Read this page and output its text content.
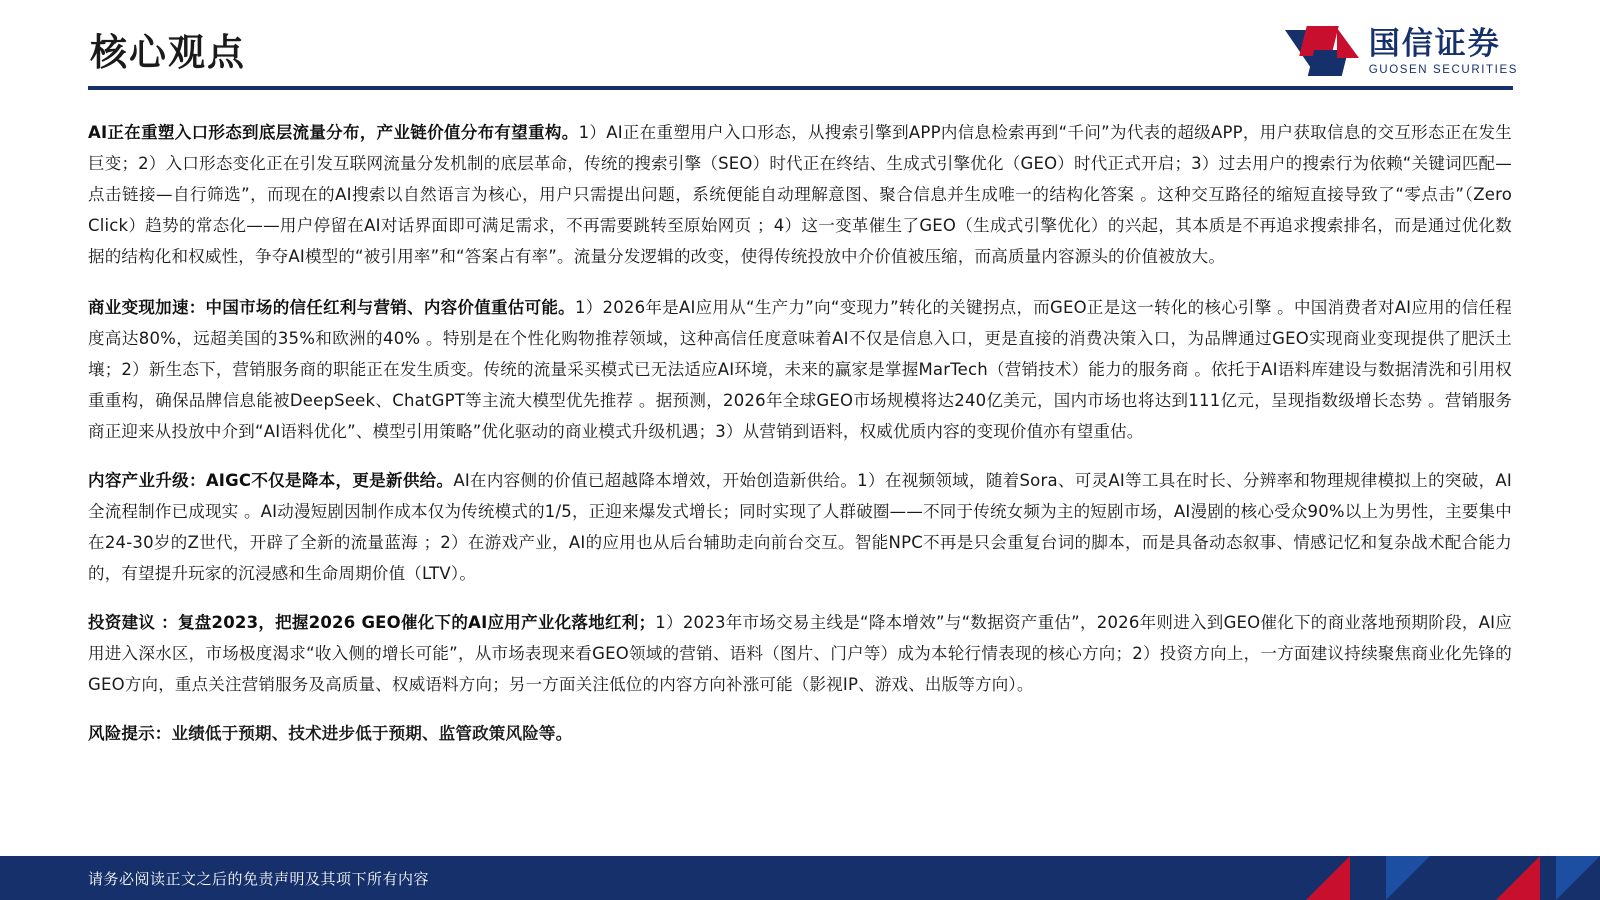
核心观点	国信证券
GUOSEN SECURITIES

AI正在重塑入口形态到底层流量分布，产业链价值分布有望重构。1）AI正在重塑用户入口形态，从搜索引擎到APP内信息检索再到“千问”为代表的超级APP，用户获取信息的交互形态正在发生巨变；2）入口形态变化正在引发互联网流量分发机制的底层革命，传统的搜索引擎（SEO）时代正在终结、生成式引擎优化（GEO）时代正式开启；3）过去用户的搜索行为依赖“关键词匹配—点击链接—自行筛选”，而现在的AI搜索以自然语言为核心，用户只需提出问题，系统便能自动理解意图、聚合信息并生成唯一的结构化答案 。这种交互路径的缩短直接导致了“零点击”（Zero Click）趋势的常态化——用户停留在AI对话界面即可满足需求，不再需要跳转至原始网页 ；4）这一变革催生了GEO（生成式引擎优化）的兴起，其本质是不再追求搜索排名，而是通过优化数据的结构化和权威性，争夺AI模型的“被引用率”和“答案占有率”。流量分发逻辑的改变，使得传统投放中介价值被压缩，而高质量内容源头的价值被放大。

商业变现加速：中国市场的信任红利与营销、内容价值重估可能。1）2026年是AI应用从“生产力”向“变现力”转化的关键拐点，而GEO正是这一转化的核心引擎 。中国消费者对AI应用的信任程度高达80%，远超美国的35%和欧洲的40% 。特别是在个性化购物推荐领域，这种高信任度意味着AI不仅是信息入口，更是直接的消费决策入口，为品牌通过GEO实现商业变现提供了肥沃土壤；2）新生态下，营销服务商的职能正在发生质变。传统的流量采买模式已无法适应AI环境，未来的赢家是掌握MarTech（营销技术）能力的服务商 。依托于AI语料库建设与数据清洗和引用权重重构，确保品牌信息能被DeepSeek、ChatGPT等主流大模型优先推荐 。据预测，2026年全球GEO市场规模将达240亿美元，国内市场也将达到111亿元，呈现指数级增长态势 。营销服务商正迎来从投放中介到“AI语料优化”、模型引用策略”优化驱动的商业模式升级机遇；3）从营销到语料，权威优质内容的变现价值亦有望重估。

内容产业升级：AIGC不仅是降本，更是新供给。AI在内容侧的价值已超越降本增效，开始创造新供给。1）在视频领域，随着Sora、可灵AI等工具在时长、分辨率和物理规律模拟上的突破，AI全流程制作已成现实 。AI动漫短剧因制作成本仅为传统模式的1/5，正迎来爆发式增长；同时实现了人群破圈——不同于传统女频为主的短剧市场，AI漫剧的核心受众90%以上为男性，主要集中在24-30岁的Z世代，开辟了全新的流量蓝海 ；2）在游戏产业，AI的应用也从后台辅助走向前台交互。智能NPC不再是只会重复台词的脚本，而是具备动态叙事、情感记忆和复杂战术配合能力的，有望提升玩家的沉浸感和生命周期价值（LTV）。

投资建议 ：复盘2023，把握2026 GEO催化下的AI应用产业化落地红利；1）2023年市场交易主线是“降本增效”与“数据资产重估”，2026年则进入到GEO催化下的商业落地预期阶段，AI应用进入深水区，市场极度渴求“收入侧的增长可能”，从市场表现来看GEO领域的营销、语料（图片、门户等）成为本轮行情表现的核心方向；2）投资方向上，一方面建议持续聚焦商业化先锋的GEO方向，重点关注营销服务及高质量、权威语料方向；另一方面关注低位的内容方向补涨可能（影视IP、游戏、出版等方向）。

风险提示：业绩低于预期、技术进步低于预期、监管政策风险等。

请务必阅读正文之后的免责声明及其项下所有内容
